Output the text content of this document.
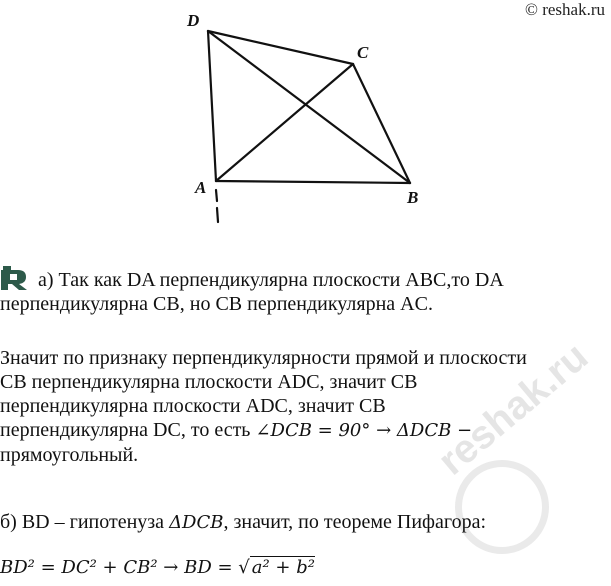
© reshak.ru
D
C
A
B
reshak.ru
а) Так как DA перпендикулярна плоскости ABC,то DA
перпендикулярна CB, но CB перпендикулярна AC.
Значит по признаку перпендикулярности прямой и плоскости
CB перпендикулярна плоскости ADC, значит CB
перпендикулярна плоскости ADC, значит CB
перпендикулярна DC, то есть ∠DCB = 90° → ΔDCB −
прямоугольный.
б) BD – гипотенуза ΔDCB, значит, по теореме Пифагора:
BD² = DC² + CB² → BD = √ a² + b²
